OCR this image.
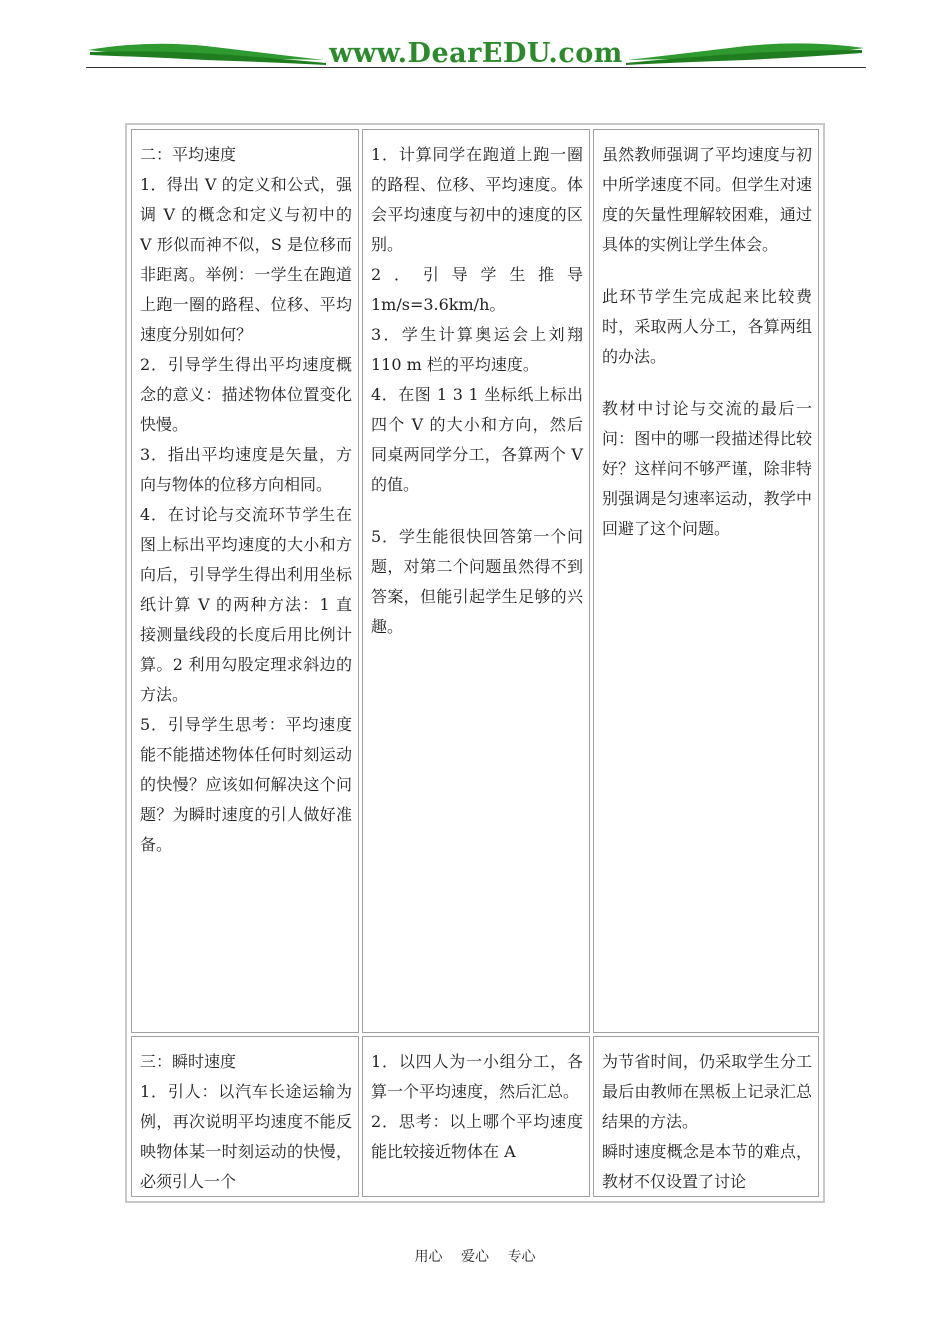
www.DearEDU.com
二：平均速度
1．得出 V 的定义和公式，强调 V 的概念和定义与初中的 V 形似而神不似，S 是位移而非距离。举例：一学生在跑道上跑一圈的路程、位移、平均速度分别如何？
2．引导学生得出平均速度概念的意义：描述物体位置变化快慢。
3．指出平均速度是矢量，方向与物体的位移方向相同。
4．在讨论与交流环节学生在图上标出平均速度的大小和方向后，引导学生得出利用坐标纸计算 V 的两种方法：1 直接测量线段的长度后用比例计算。2 利用勾股定理求斜边的方法。
5．引导学生思考：平均速度能不能描述物体任何时刻运动的快慢？应该如何解决这个问题？为瞬时速度的引人做好准备。
1．计算同学在跑道上跑一圈的路程、位移、平均速度。体会平均速度与初中的速度的区别。
2．引导学生推导 1m/s=3.6km/h。
3．学生计算奥运会上刘翔 110 m 栏的平均速度。
4．在图 1 3 1 坐标纸上标出四个 V 的大小和方向，然后同桌两同学分工，各算两个 V 的值。
5．学生能很快回答第一个问题，对第二个问题虽然得不到答案，但能引起学生足够的兴趣。
虽然教师强调了平均速度与初中所学速度不同。但学生对速度的矢量性理解较困难，通过具体的实例让学生体会。
此环节学生完成起来比较费时，采取两人分工，各算两组的办法。
教材中讨论与交流的最后一问：图中的哪一段描述得比较好？这样问不够严谨，除非特别强调是匀速率运动，教学中回避了这个问题。
三：瞬时速度
1．引人：以汽车长途运输为例，再次说明平均速度不能反映物体某一时刻运动的快慢，必须引人一个
1．以四人为一小组分工，各算一个平均速度，然后汇总。
2．思考：以上哪个平均速度能比较接近物体在 A
为节省时间，仍采取学生分工最后由教师在黑板上记录汇总结果的方法。
瞬时速度概念是本节的难点，教材不仅设置了讨论
用心 爱心 专心
